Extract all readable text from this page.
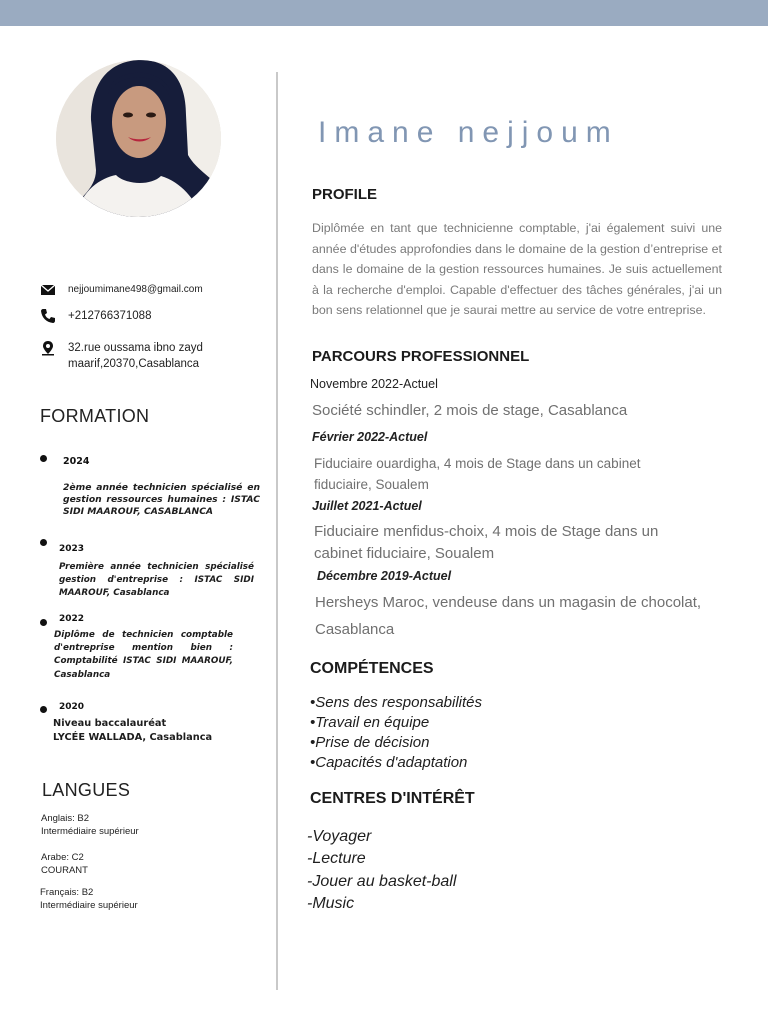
nejjoumimane498@gmail.com
+212766371088
32.rue oussama ibno zayd
maarif,20370,Casablanca
FORMATION
2024
2ème année technicien spécialisé en gestion ressources humaines : ISTAC SIDI MAAROUF, CASABLANCA
2023
Première année technicien spécialisé gestion d'entreprise : ISTAC SIDI MAAROUF, Casablanca
2022
Diplôme de technicien comptable d'entreprise mention bien : Comptabilité ISTAC SIDI MAAROUF, Casablanca
2020
Niveau baccalauréat
LYCÉE WALLADA, Casablanca
LANGUES
Anglais: B2
Intermédiaire supérieur
Arabe: C2
COURANT
Français: B2
Intermédiaire supérieur
Imane nejjoum
PROFILE
Diplômée en tant que technicienne comptable, j'ai également suivi une année d'études approfondies dans le domaine de la gestion d’entreprise et dans le domaine de la gestion ressources humaines. Je suis actuellement à la recherche d'emploi. Capable d'effectuer des tâches générales, j'ai un bon sens relationnel que je saurai mettre au service de votre entreprise.
PARCOURS PROFESSIONNEL
Novembre 2022-Actuel
Société schindler, 2 mois de stage, Casablanca
Février 2022-Actuel
Fiduciaire ouardigha, 4 mois de Stage dans un cabinet fiduciaire, Soualem
Juillet 2021-Actuel
Fiduciaire menfidus-choix, 4 mois de Stage dans un cabinet fiduciaire, Soualem
Décembre 2019-Actuel
Hersheys Maroc, vendeuse dans un magasin de chocolat, Casablanca
COMPÉTENCES
•Sens des responsabilités
•Travail en équipe
•Prise de décision
•Capacités d'adaptation
CENTRES D'INTÉRÊT
-Voyager
-Lecture
-Jouer au basket-ball
-Music
